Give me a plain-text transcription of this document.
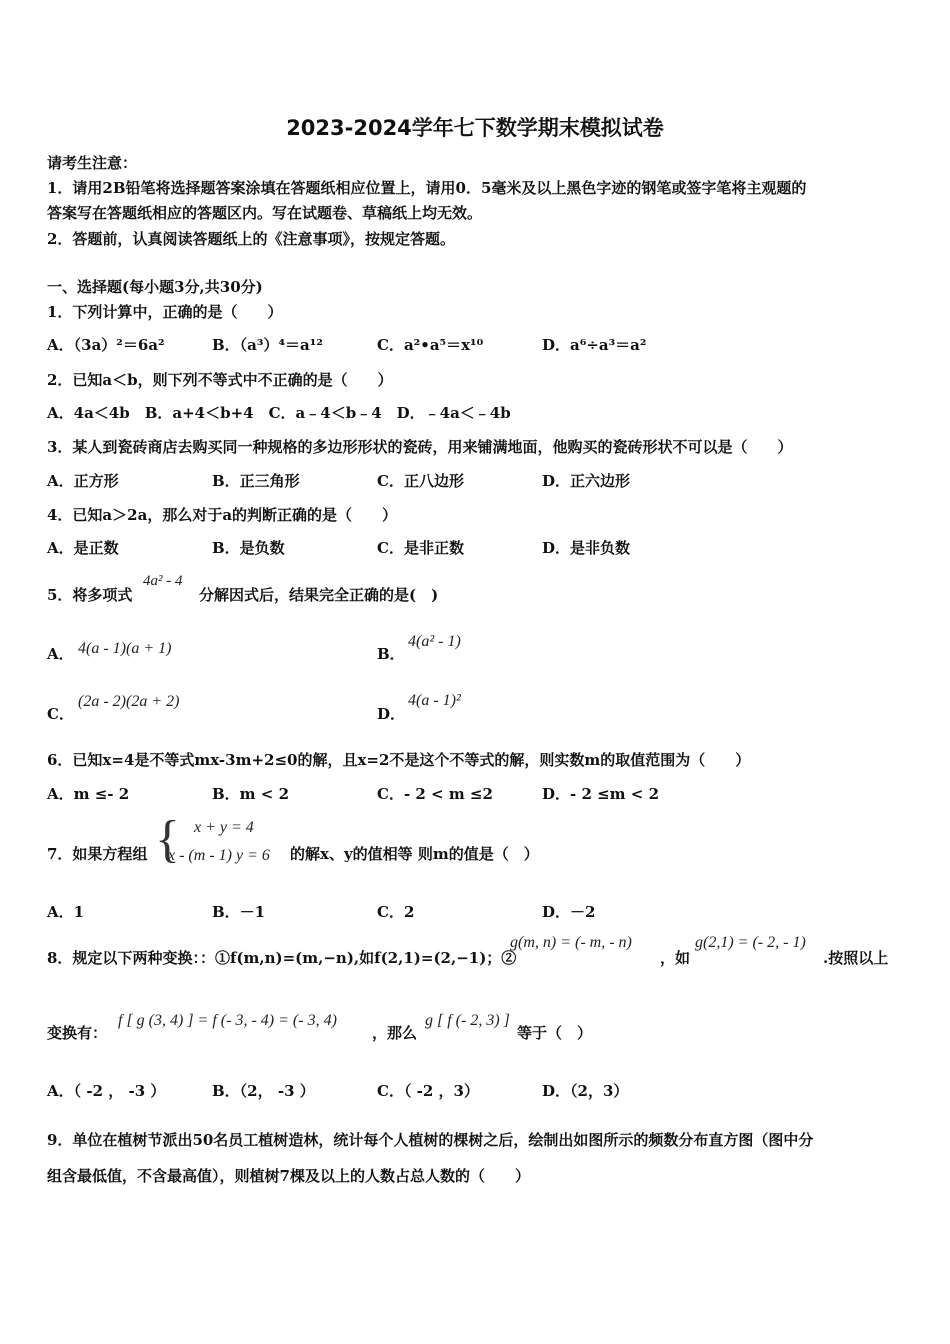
2023-2024学年七下数学期末模拟试卷
请考生注意：
1．请用2B铅笔将选择题答案涂填在答题纸相应位置上，请用0．5毫米及以上黑色字迹的钢笔或签字笔将主观题的
答案写在答题纸相应的答题区内。写在试题卷、草稿纸上均无效。
2．答题前，认真阅读答题纸上的《注意事项》，按规定答题。
一、选择题(每小题3分,共30分)
1．下列计算中，正确的是（　　）
A．（3a）²＝6a²	B．（a³）⁴＝a¹²	C．a²•a⁵＝x¹⁰	D．a⁶÷a³＝a²
2．已知a＜b，则下列不等式中不正确的是（　　）
A．4a＜4b　B．a+4＜b+4　C．a﹣4＜b﹣4　D．﹣4a＜﹣4b
3．某人到瓷砖商店去购买同一种规格的多边形形状的瓷砖，用来铺满地面，他购买的瓷砖形状不可以是（　　）
A．正方形	B．正三角形	C．正八边形	D．正六边形
4．已知a＞2a，那么对于a的判断正确的是（　　）
A．是正数	B．是负数	C．是非正数	D．是非负数
5．将多项式
4a² - 4
分解因式后，结果完全正确的是(　)
A． 4(a - 1)(a + 1)	B．
4(a² - 1)
C．
(2a - 2)(2a + 2)
D．
4(a - 1)²
6．已知x=4是不等式mx-3m+2≤0的解，且x=2不是这个不等式的解，则实数m的取值范围为（　　）
A．m ≤- 2	B．m < 2	C．- 2 < m ≤2	D．- 2 ≤m < 2
7．如果方程组 { x + y = 4
x - (m - 1) y = 6 的解x、y的值相等 则m的值是（　）
A．1	B．－1	C．2	D．－2
8．规定以下两种变换：：①f(m,n)=(m,−n),如f(2,1)=(2,−1)；②
g(m, n) = (- m, - n)
，如
g(2,1) = (- 2, - 1)
.按照以上
变换有：
f [ g (3, 4) ] = f (- 3, - 4) = (- 3, 4)
，那么
g [ f (- 2, 3) ]
等于（　）
A．（ -2 ， -3 ）	B．（2， -3 ）	C．（ -2 ，3）	D．（2，3）
9．单位在植树节派出50名员工植树造林，统计每个人植树的棵树之后，绘制出如图所示的频数分布直方图（图中分
组含最低值，不含最高值），则植树7棵及以上的人数占总人数的（　　）
